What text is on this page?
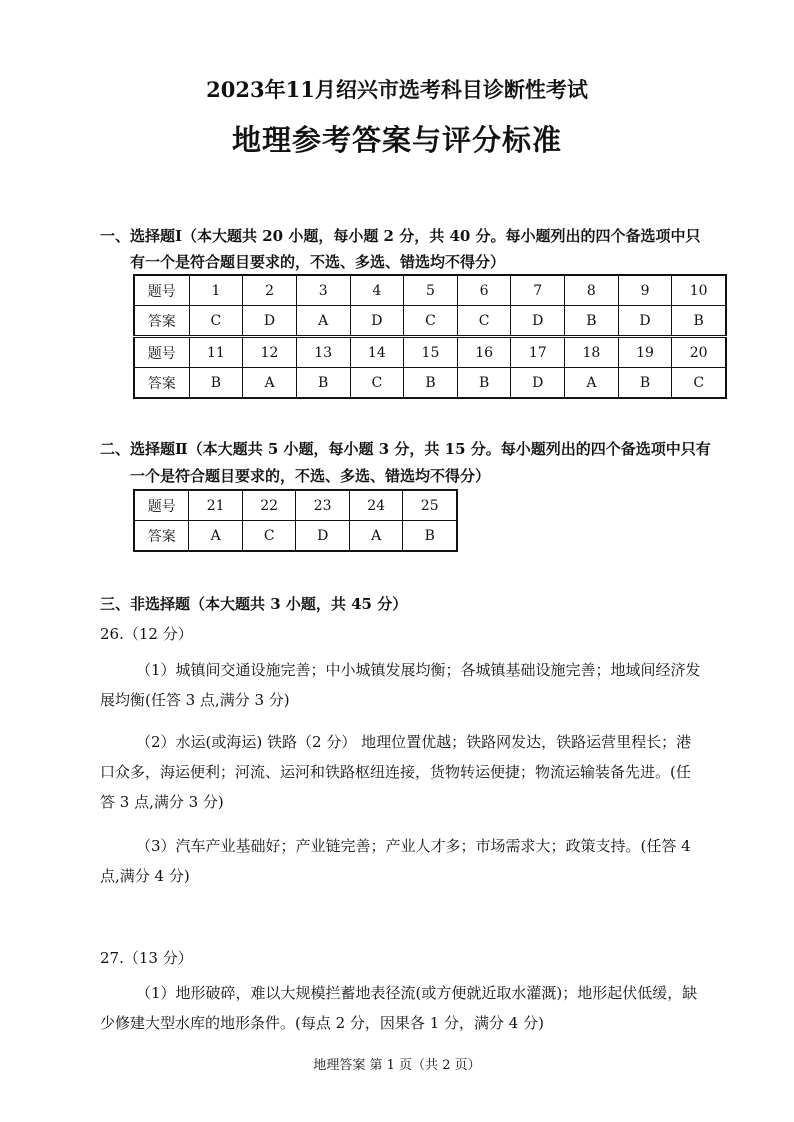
2023年11月绍兴市选考科目诊断性考试
地理参考答案与评分标准
一、选择题Ⅰ（本大题共 20 小题，每小题 2 分，共 40 分。每小题列出的四个备选项中只
有一个是符合题目要求的，不选、多选、错选均不得分）
题号	1	2	3	4	5	6	7	8	9	10
答案	C	D	A	D	C	C	D	B	D	B
题号	11	12	13	14	15	16	17	18	19	20
答案	B	A	B	C	B	B	D	A	B	C
二、选择题Ⅱ（本大题共 5 小题，每小题 3 分，共 15 分。每小题列出的四个备选项中只有
一个是符合题目要求的，不选、多选、错选均不得分）
题号	21	22	23	24	25
答案	A	C	D	A	B
三、非选择题（本大题共 3 小题，共 45 分）
26.（12 分）
（1）城镇间交通设施完善；中小城镇发展均衡；各城镇基础设施完善；地域间经济发
展均衡(任答 3 点,满分 3 分)
（2）水运(或海运) 铁路（2 分） 地理位置优越；铁路网发达，铁路运营里程长；港
口众多，海运便利；河流、运河和铁路枢纽连接，货物转运便捷；物流运输装备先进。(任
答 3 点,满分 3 分)
（3）汽车产业基础好；产业链完善；产业人才多；市场需求大；政策支持。(任答 4
点,满分 4 分)
27.（13 分）
（1）地形破碎，难以大规模拦蓄地表径流(或方便就近取水灌溉)；地形起伏低缓，缺
少修建大型水库的地形条件。(每点 2 分，因果各 1 分，满分 4 分)
地理答案 第 1 页（共 2 页）
